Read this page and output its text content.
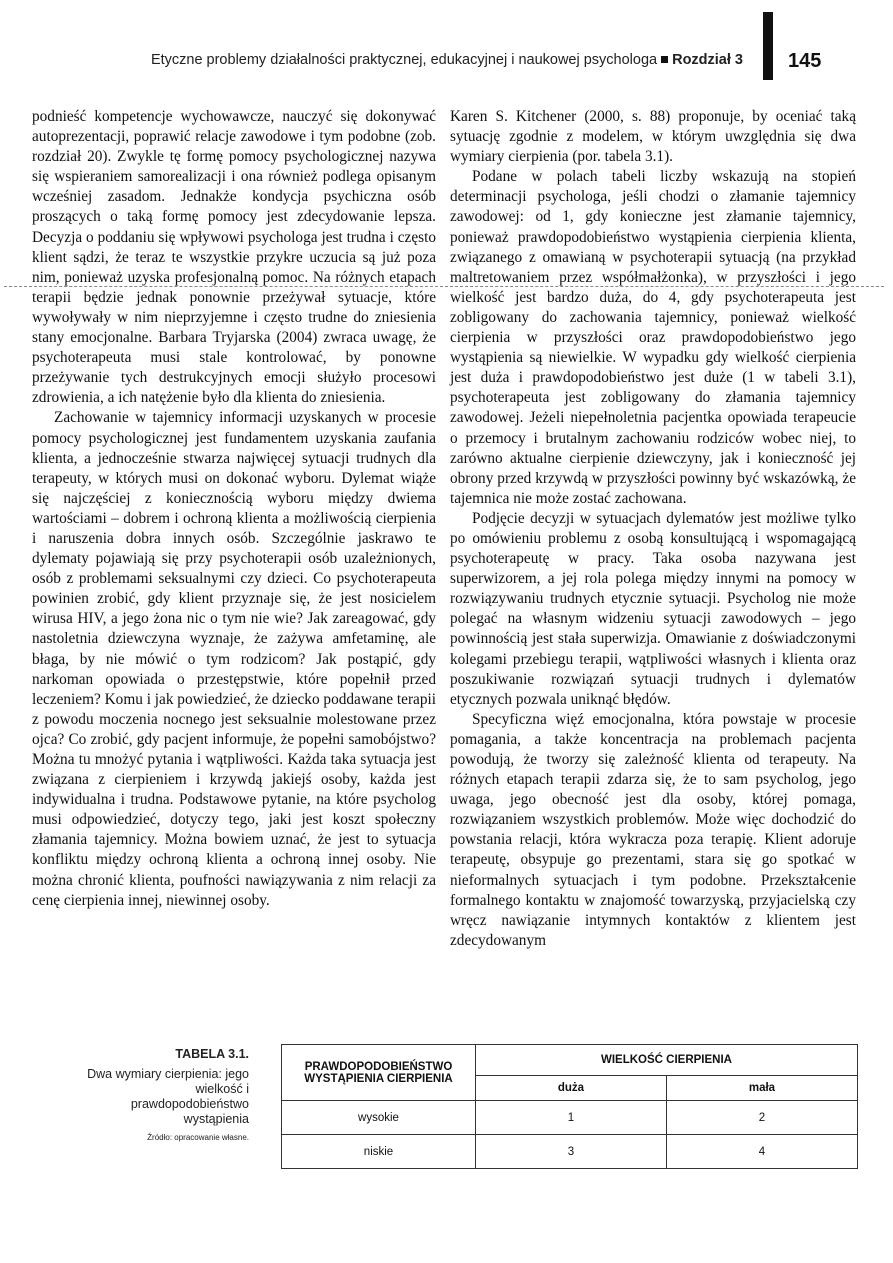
Etyczne problemy działalności praktycznej, edukacyjnej i naukowej psychologa Rozdział 3 145

podnieść kompetencje wychowawcze, nauczyć się dokonywać autoprezentacji, poprawić relacje zawodowe i tym podobne (zob. rozdział 20). Zwykle tę formę pomocy psychologicznej nazywa się wspieraniem samorealizacji i ona również podlega opisanym wcześniej zasadom. Jednakże kondycja psychiczna osób proszących o taką formę pomocy jest zdecydowanie lepsza. Decyzja o poddaniu się wpływowi psychologa jest trudna i często klient sądzi, że teraz te wszystkie przykre uczucia są już poza nim, ponieważ uzyska profesjonalną pomoc. Na różnych etapach terapii będzie jednak ponownie przeżywał sytuacje, które wywoływały w nim nieprzyjemne i często trudne do zniesienia stany emocjonalne. Barbara Tryjarska (2004) zwraca uwagę, że psychoterapeuta musi stale kontrolować, by ponowne przeżywanie tych destrukcyjnych emocji służyło procesowi zdrowienia, a ich natężenie było dla klienta do zniesienia.

Zachowanie w tajemnicy informacji uzyskanych w procesie pomocy psychologicznej jest fundamentem uzyskania zaufania klienta, a jednocześnie stwarza najwięcej sytuacji trudnych dla terapeuty, w których musi on dokonać wyboru. Dylemat wiąże się najczęściej z koniecznością wyboru między dwiema wartościami – dobrem i ochroną klienta a możliwością cierpienia i naruszenia dobra innych osób. Szczególnie jaskrawo te dylematy pojawiają się przy psychoterapii osób uzależnionych, osób z problemami seksualnymi czy dzieci. Co psychoterapeuta powinien zrobić, gdy klient przyznaje się, że jest nosicielem wirusa HIV, a jego żona nic o tym nie wie? Jak zareagować, gdy nastoletnia dziewczyna wyznaje, że zażywa amfetaminę, ale błaga, by nie mówić o tym rodzicom? Jak postąpić, gdy narkoman opowiada o przestępstwie, które popełnił przed leczeniem? Komu i jak powiedzieć, że dziecko poddawane terapii z powodu moczenia nocnego jest seksualnie molestowane przez ojca? Co zrobić, gdy pacjent informuje, że popełni samobójstwo? Można tu mnożyć pytania i wątpliwości. Każda taka sytuacja jest związana z cierpieniem i krzywdą jakiejś osoby, każda jest indywidualna i trudna. Podstawowe pytanie, na które psycholog musi odpowiedzieć, dotyczy tego, jaki jest koszt społeczny złamania tajemnicy. Można bowiem uznać, że jest to sytuacja konfliktu między ochroną klienta a ochroną innej osoby. Nie można chronić klienta, poufności nawiązywania z nim relacji za cenę cierpienia innej, niewinnej osoby.

Karen S. Kitchener (2000, s. 88) proponuje, by oceniać taką sytuację zgodnie z modelem, w którym uwzględnia się dwa wymiary cierpienia (por. tabela 3.1).

Podane w polach tabeli liczby wskazują na stopień determinacji psychologa, jeśli chodzi o złamanie tajemnicy zawodowej: od 1, gdy konieczne jest złamanie tajemnicy, ponieważ prawdopodobieństwo wystąpienia cierpienia klienta, związanego z omawianą w psychoterapii sytuacją (na przykład maltretowaniem przez współmałżonka), w przyszłości i jego wielkość jest bardzo duża, do 4, gdy psychoterapeuta jest zobligowany do zachowania tajemnicy, ponieważ wielkość cierpienia w przyszłości oraz prawdopodobieństwo jego wystąpienia są niewielkie. W wypadku gdy wielkość cierpienia jest duża i prawdopodobieństwo jest duże (1 w tabeli 3.1), psychoterapeuta jest zobligowany do złamania tajemnicy zawodowej. Jeżeli niepełnoletnia pacjentka opowiada terapeucie o przemocy i brutalnym zachowaniu rodziców wobec niej, to zarówno aktualne cierpienie dziewczyny, jak i konieczność jej obrony przed krzywdą w przyszłości powinny być wskazówką, że tajemnica nie może zostać zachowana.

Podjęcie decyzji w sytuacjach dylematów jest możliwe tylko po omówieniu problemu z osobą konsultującą i wspomagającą psychoterapeutę w pracy. Taka osoba nazywana jest superwizorem, a jej rola polega między innymi na pomocy w rozwiązywaniu trudnych etycznie sytuacji. Psycholog nie może polegać na własnym widzeniu sytuacji zawodowych – jego powinnością jest stała superwizja. Omawianie z doświadczonymi kolegami przebiegu terapii, wątpliwości własnych i klienta oraz poszukiwanie rozwiązań sytuacji trudnych i dylematów etycznych pozwala uniknąć błędów.

Specyficzna więź emocjonalna, która powstaje w procesie pomagania, a także koncentracja na problemach pacjenta powodują, że tworzy się zależność klienta od terapeuty. Na różnych etapach terapii zdarza się, że to sam psycholog, jego uwaga, jego obecność jest dla osoby, której pomaga, rozwiązaniem wszystkich problemów. Może więc dochodzić do powstania relacji, która wykracza poza terapię. Klient adoruje terapeutę, obsypuje go prezentami, stara się go spotkać w nieformalnych sytuacjach i tym podobne. Przekształcenie formalnego kontaktu w znajomość towarzyską, przyjacielską czy wręcz nawiązanie intymnych kontaktów z klientem jest zdecydowanym

TABELA 3.1.
Dwa wymiary cierpienia: jego wielkość i prawdopodobieństwo wystąpienia
Źródło: opracowanie własne.
PRAWDOPODOBIEŃSTWO WYSTĄPIENIA CIERPIENIA	WIELKOŚĆ CIERPIENIA	
	duża	mała
wysokie	1	2
niskie	3	4
